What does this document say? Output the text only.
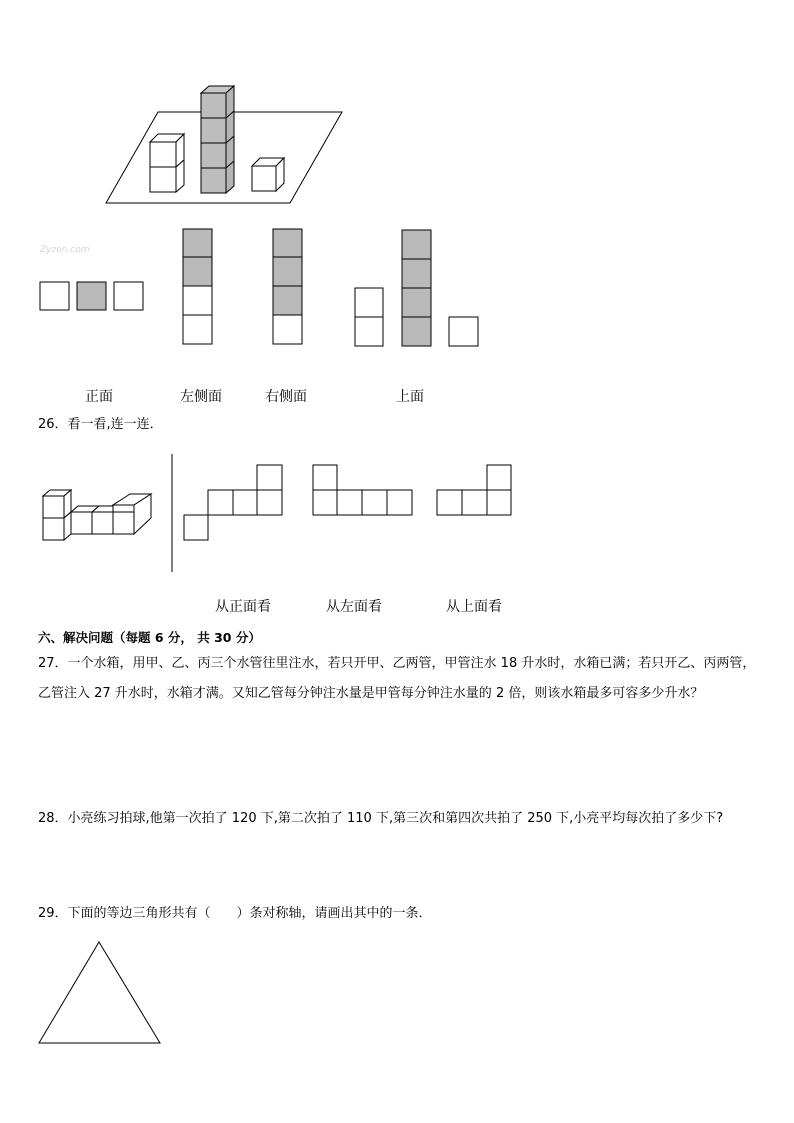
Zyzon.com
正面	左侧面	右侧面	上面
26．看一看,连一连．
从正面看	从左面看	从上面看
六、解决问题（每题 6 分， 共 30 分）
27．一个水箱，用甲、乙、丙三个水管往里注水，若只开甲、乙两管，甲管注水 18 升水时，水箱已满；若只开乙、丙两管，乙管注入 27 升水时，水箱才满。又知乙管每分钟注水量是甲管每分钟注水量的 2 倍，则该水箱最多可容多少升水？
28．小亮练习拍球,他第一次拍了 120 下,第二次拍了 110 下,第三次和第四次共拍了 250 下,小亮平均每次拍了多少下?
29．下面的等边三角形共有（　　）条对称轴，请画出其中的一条．
